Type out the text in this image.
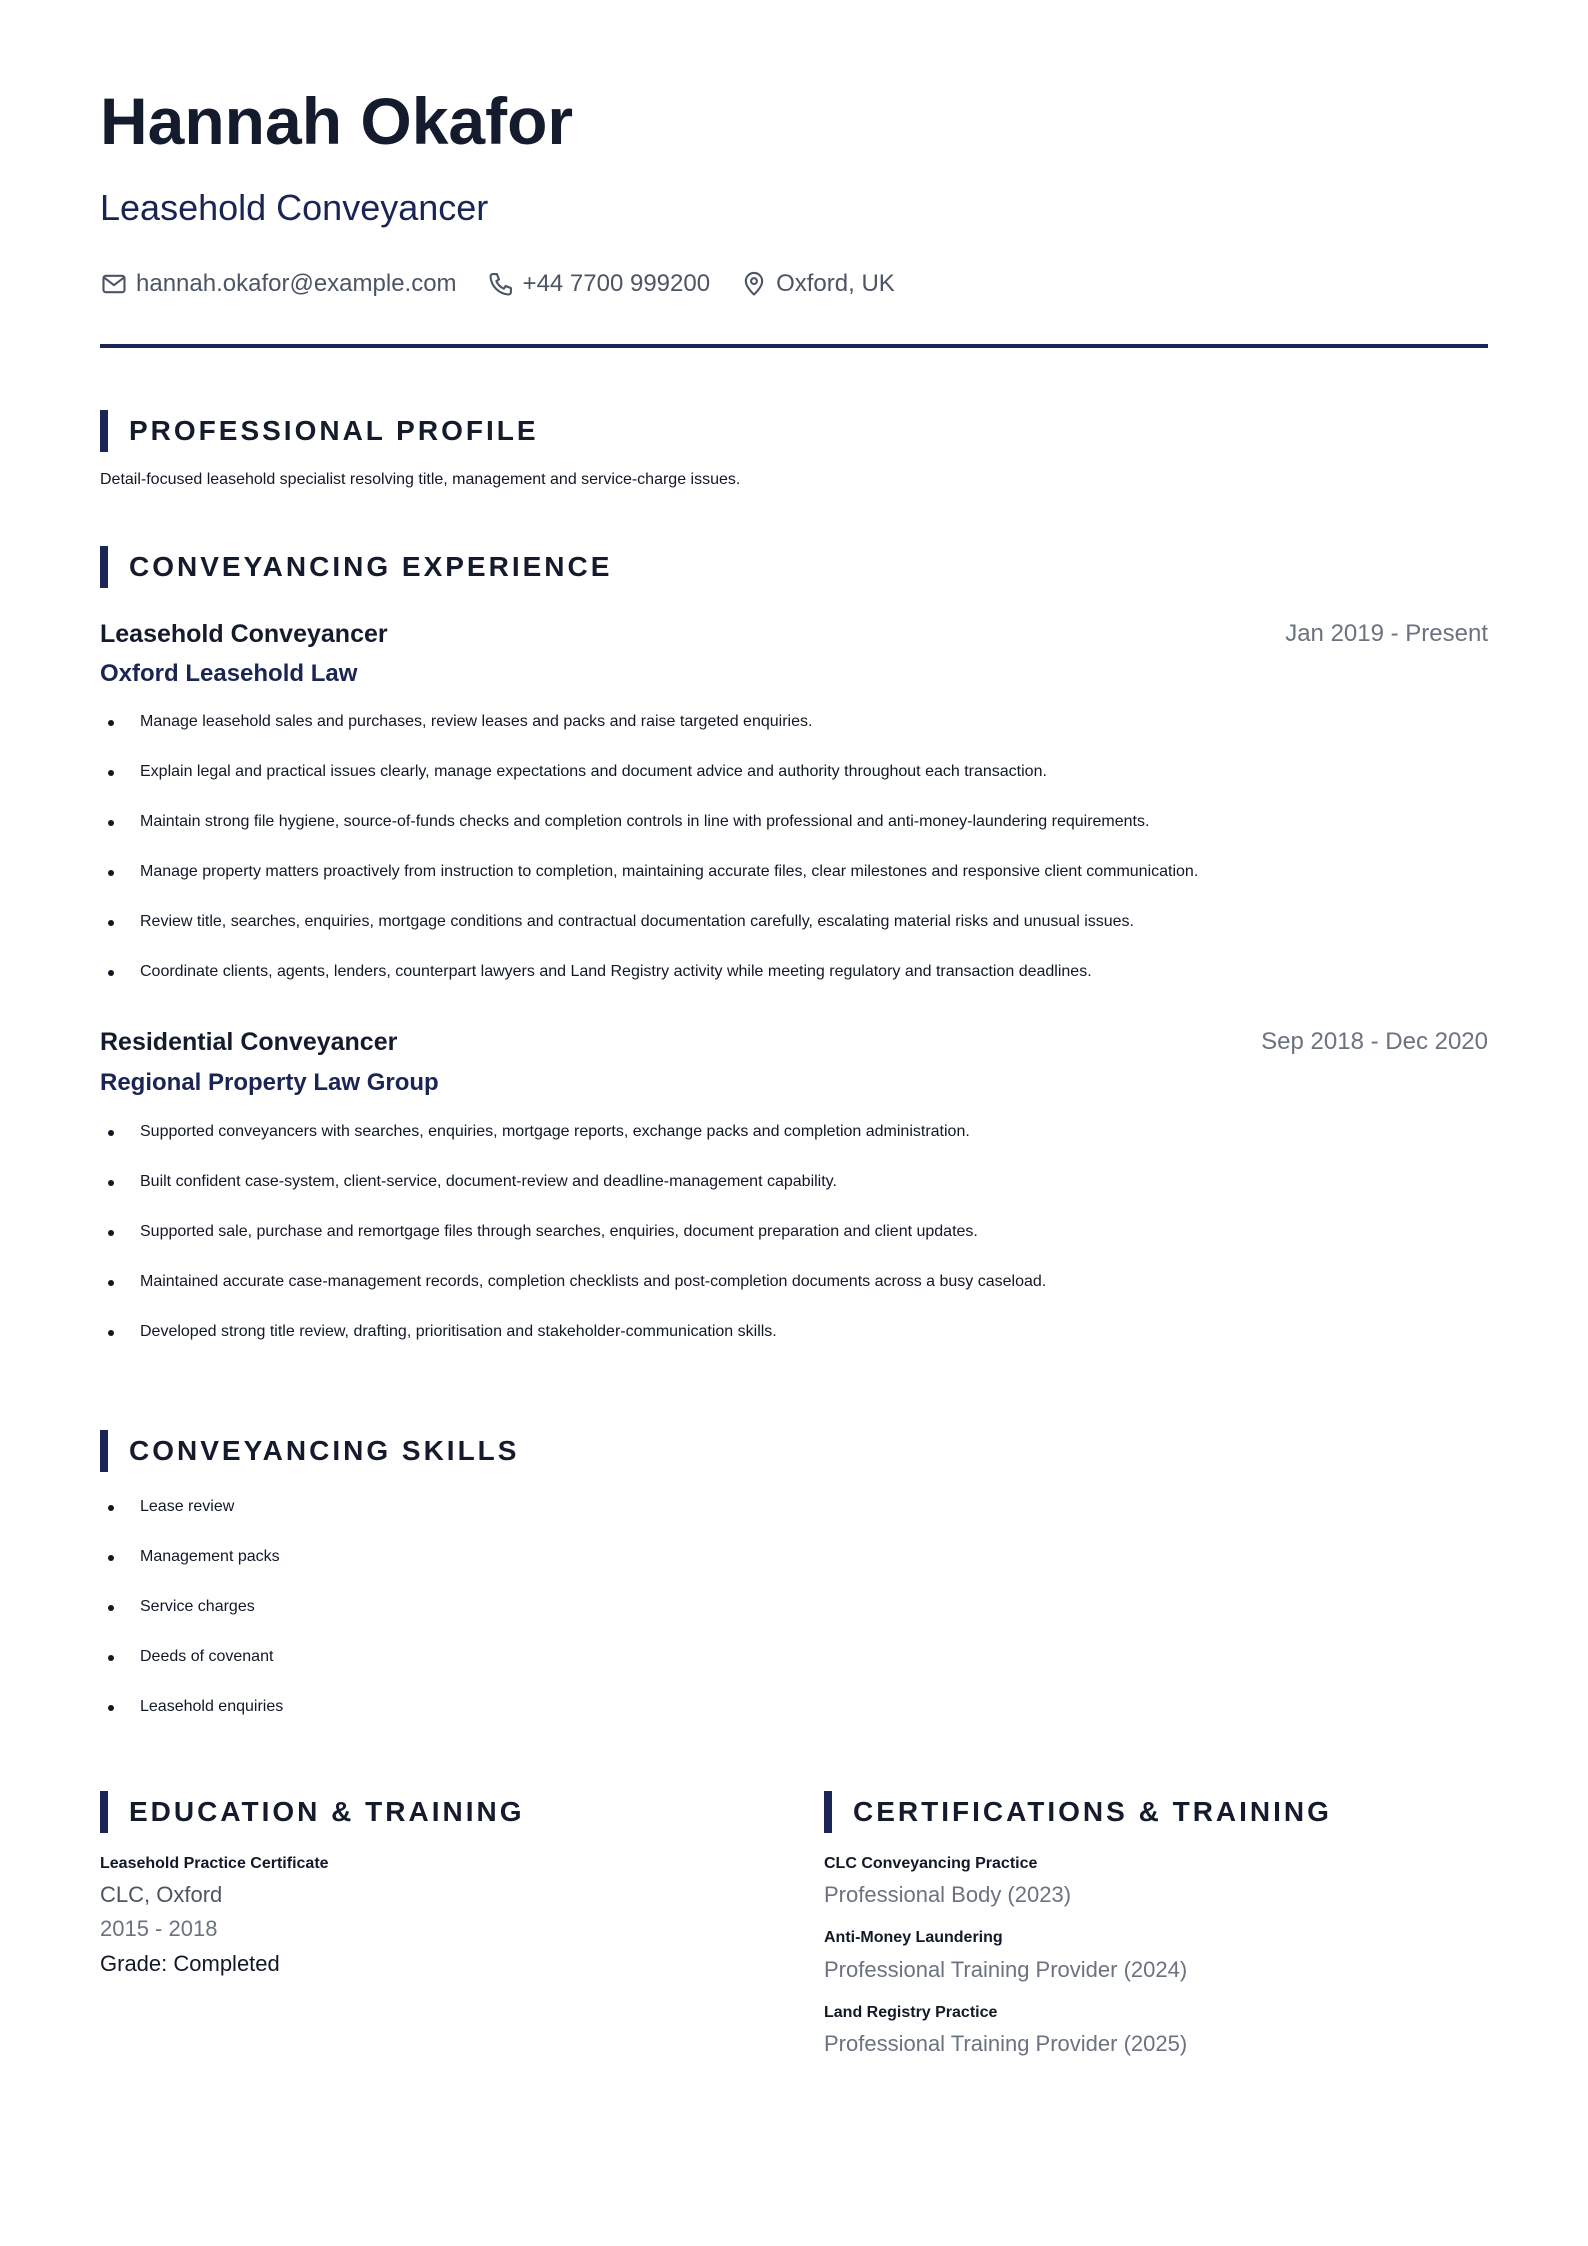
Hannah Okafor
Leasehold Conveyancer
hannah.okafor@example.com	+44 7700 999200	Oxford, UK
PROFESSIONAL PROFILE
Detail-focused leasehold specialist resolving title, management and service-charge issues.
CONVEYANCING EXPERIENCE
Leasehold Conveyancer	Jan 2019 - Present
Oxford Leasehold Law
Manage leasehold sales and purchases, review leases and packs and raise targeted enquiries.
Explain legal and practical issues clearly, manage expectations and document advice and authority throughout each transaction.
Maintain strong file hygiene, source-of-funds checks and completion controls in line with professional and anti-money-laundering requirements.
Manage property matters proactively from instruction to completion, maintaining accurate files, clear milestones and responsive client communication.
Review title, searches, enquiries, mortgage conditions and contractual documentation carefully, escalating material risks and unusual issues.
Coordinate clients, agents, lenders, counterpart lawyers and Land Registry activity while meeting regulatory and transaction deadlines.
Residential Conveyancer	Sep 2018 - Dec 2020
Regional Property Law Group
Supported conveyancers with searches, enquiries, mortgage reports, exchange packs and completion administration.
Built confident case-system, client-service, document-review and deadline-management capability.
Supported sale, purchase and remortgage files through searches, enquiries, document preparation and client updates.
Maintained accurate case-management records, completion checklists and post-completion documents across a busy caseload.
Developed strong title review, drafting, prioritisation and stakeholder-communication skills.
CONVEYANCING SKILLS
Lease review
Management packs
Service charges
Deeds of covenant
Leasehold enquiries
EDUCATION & TRAINING
Leasehold Practice Certificate
CLC, Oxford
2015 - 2018
Grade: Completed
CERTIFICATIONS & TRAINING
CLC Conveyancing Practice
Professional Body (2023)
Anti-Money Laundering
Professional Training Provider (2024)
Land Registry Practice
Professional Training Provider (2025)
